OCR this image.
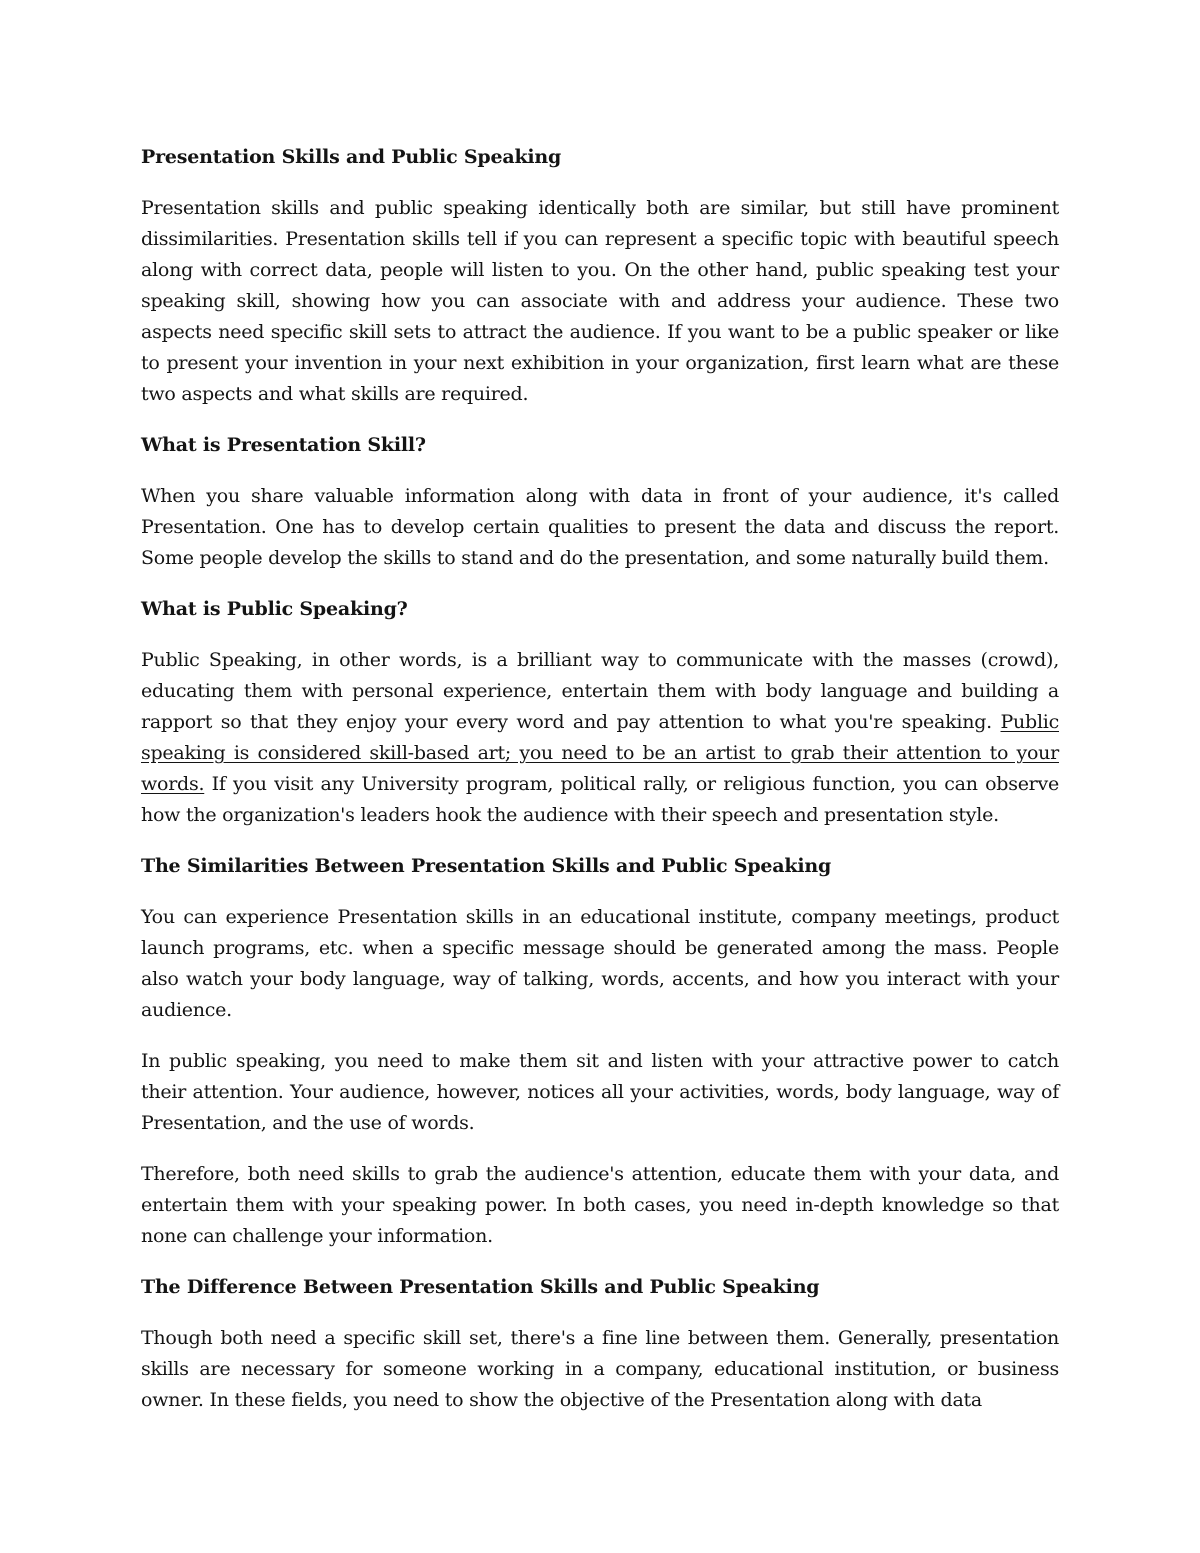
Presentation Skills and Public Speaking

Presentation skills and public speaking identically both are similar, but still have prominent dissimilarities. Presentation skills tell if you can represent a specific topic with beautiful speech along with correct data, people will listen to you. On the other hand, public speaking test your speaking skill, showing how you can associate with and address your audience. These two aspects need specific skill sets to attract the audience. If you want to be a public speaker or like to present your invention in your next exhibition in your organization, first learn what are these two aspects and what skills are required.

What is Presentation Skill?

When you share valuable information along with data in front of your audience, it's called Presentation. One has to develop certain qualities to present the data and discuss the report. Some people develop the skills to stand and do the presentation, and some naturally build them.

What is Public Speaking?

Public Speaking, in other words, is a brilliant way to communicate with the masses (crowd), educating them with personal experience, entertain them with body language and building a rapport so that they enjoy your every word and pay attention to what you're speaking. Public speaking is considered skill-based art; you need to be an artist to grab their attention to your words. If you visit any University program, political rally, or religious function, you can observe how the organization's leaders hook the audience with their speech and presentation style.

The Similarities Between Presentation Skills and Public Speaking

You can experience Presentation skills in an educational institute, company meetings, product launch programs, etc. when a specific message should be generated among the mass. People also watch your body language, way of talking, words, accents, and how you interact with your audience.

In public speaking, you need to make them sit and listen with your attractive power to catch their attention. Your audience, however, notices all your activities, words, body language, way of Presentation, and the use of words.

Therefore, both need skills to grab the audience's attention, educate them with your data, and entertain them with your speaking power. In both cases, you need in-depth knowledge so that none can challenge your information.

The Difference Between Presentation Skills and Public Speaking

Though both need a specific skill set, there's a fine line between them. Generally, presentation skills are necessary for someone working in a company, educational institution, or business owner. In these fields, you need to show the objective of the Presentation along with data
